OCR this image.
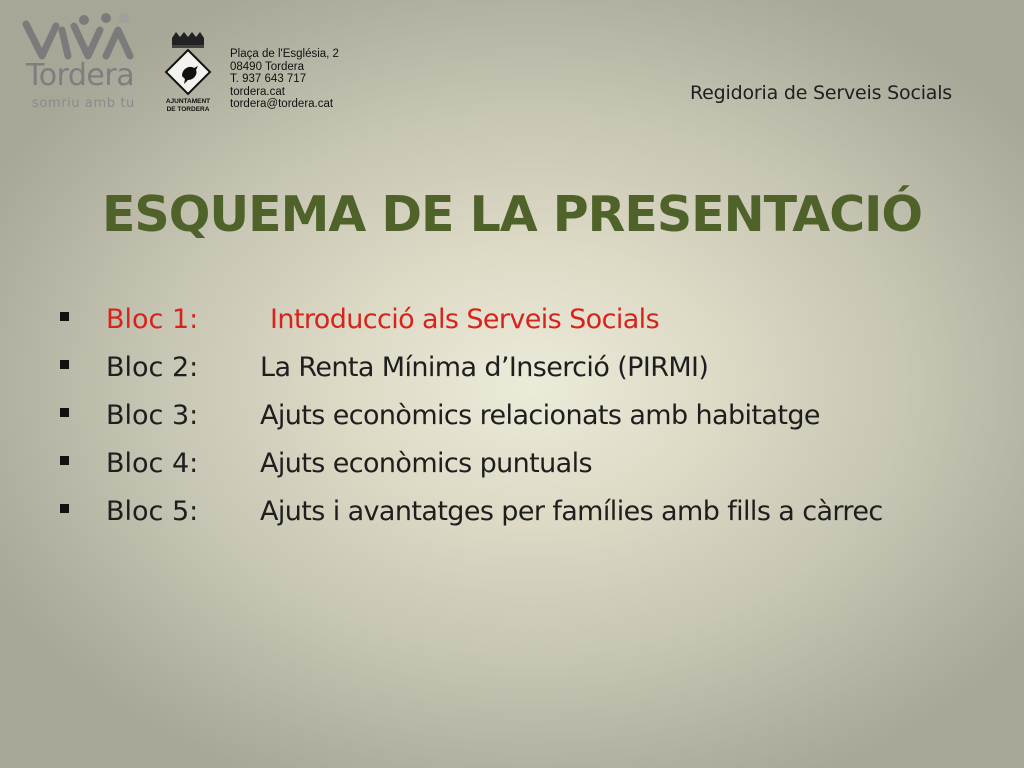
Tordera
somriu amb tu	AJUNTAMENT
DE TORDERA
Plaça de l'Església, 2
08490 Tordera
T. 937 643 717
tordera.cat
tordera@tordera.cat	Regidoria de Serveis Socials
ESQUEMA DE LA PRESENTACIÓ
Bloc 1:	Introducció als Serveis Socials
Bloc 2: La Renta Mínima d’Inserció (PIRMI)
Bloc 3: Ajuts econòmics relacionats amb habitatge
Bloc 4: Ajuts econòmics puntuals
Bloc 5: Ajuts i avantatges per famílies amb fills a càrrec
